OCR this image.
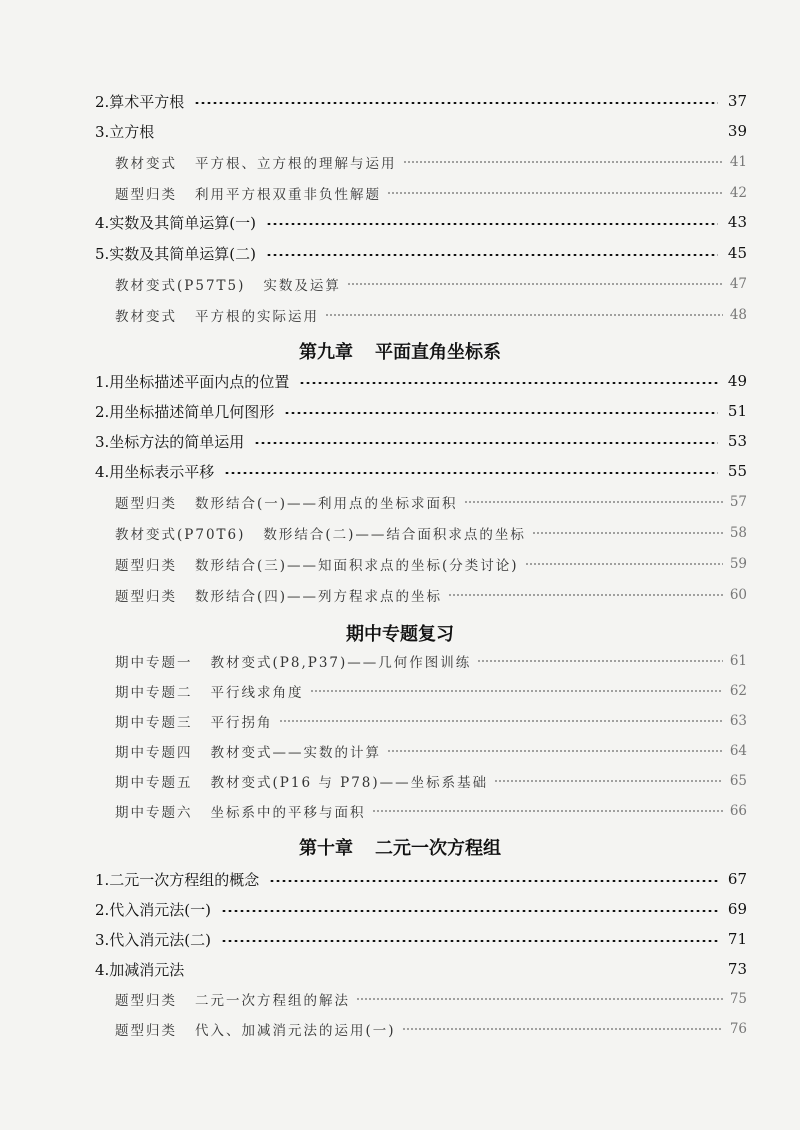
2.算术平方根	37
3.立方根	39
教材变式 平方根、立方根的理解与运用	41
题型归类 利用平方根双重非负性解题	42
4.实数及其简单运算(一)	43
5.实数及其简单运算(二)	45
教材变式(P57T5) 实数及运算	47
教材变式 平方根的实际运用	48
第九章 平面直角坐标系
1.用坐标描述平面内点的位置	49
2.用坐标描述简单几何图形	51
3.坐标方法的简单运用	53
4.用坐标表示平移	55
题型归类 数形结合(一)——利用点的坐标求面积	57
教材变式(P70T6) 数形结合(二)——结合面积求点的坐标	58
题型归类 数形结合(三)——知面积求点的坐标(分类讨论)	59
题型归类 数形结合(四)——列方程求点的坐标	60
期中专题复习
期中专题一 教材变式(P8,P37)——几何作图训练	61
期中专题二 平行线求角度	62
期中专题三 平行拐角	63
期中专题四 教材变式——实数的计算	64
期中专题五 教材变式(P16 与 P78)——坐标系基础	65
期中专题六 坐标系中的平移与面积	66
第十章 二元一次方程组
1.二元一次方程组的概念	67
2.代入消元法(一)	69
3.代入消元法(二)	71
4.加减消元法	73
题型归类 二元一次方程组的解法	75
题型归类 代入、加减消元法的运用(一)	76
